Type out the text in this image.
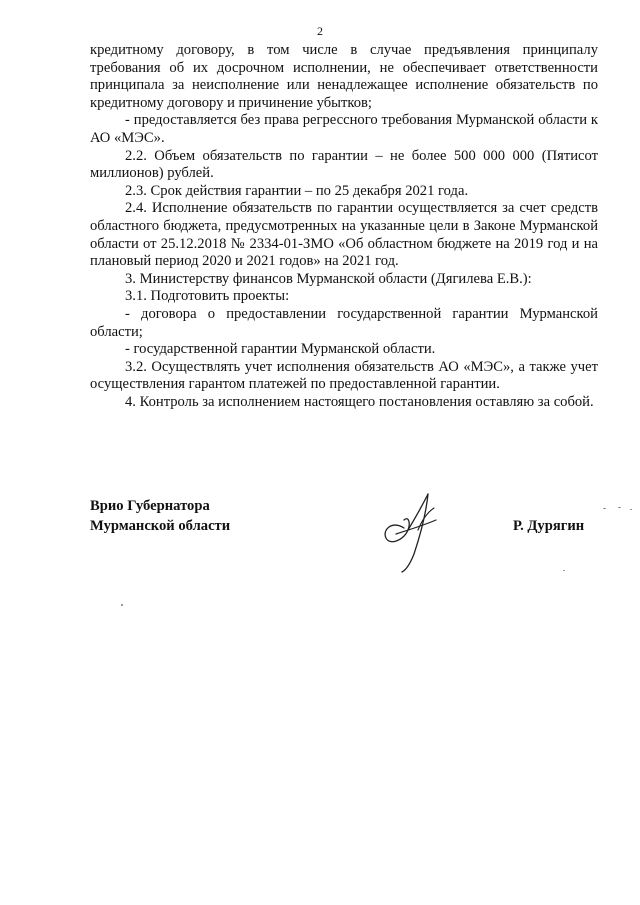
2

кредитному договору, в том числе в случае предъявления принципалу требования об их досрочном исполнении, не обеспечивает ответственности принципала за неисполнение или ненадлежащее исполнение обязательств по кредитному договору и причинение убытков;

- предоставляется без права регрессного требования Мурманской области к АО «МЭС».

2.2. Объем обязательств по гарантии – не более 500 000 000 (Пятисот миллионов) рублей.

2.3. Срок действия гарантии – по 25 декабря 2021 года.

2.4. Исполнение обязательств по гарантии осуществляется за счет средств областного бюджета, предусмотренных на указанные цели в Законе Мурманской области от 25.12.2018 № 2334-01-ЗМО «Об областном бюджете на 2019 год и на плановый период 2020 и 2021 годов» на 2021 год.

3. Министерству финансов Мурманской области (Дягилева Е.В.):

3.1. Подготовить проекты:

- договора о предоставлении государственной гарантии Мурманской области;

- государственной гарантии Мурманской области.

3.2. Осуществлять учет исполнения обязательств АО «МЭС», а также учет осуществления гарантом платежей по предоставленной гарантии.

4. Контроль за исполнением настоящего постановления оставляю за собой.

Врио Губернатора
Мурманской области	Р. Дурягин
